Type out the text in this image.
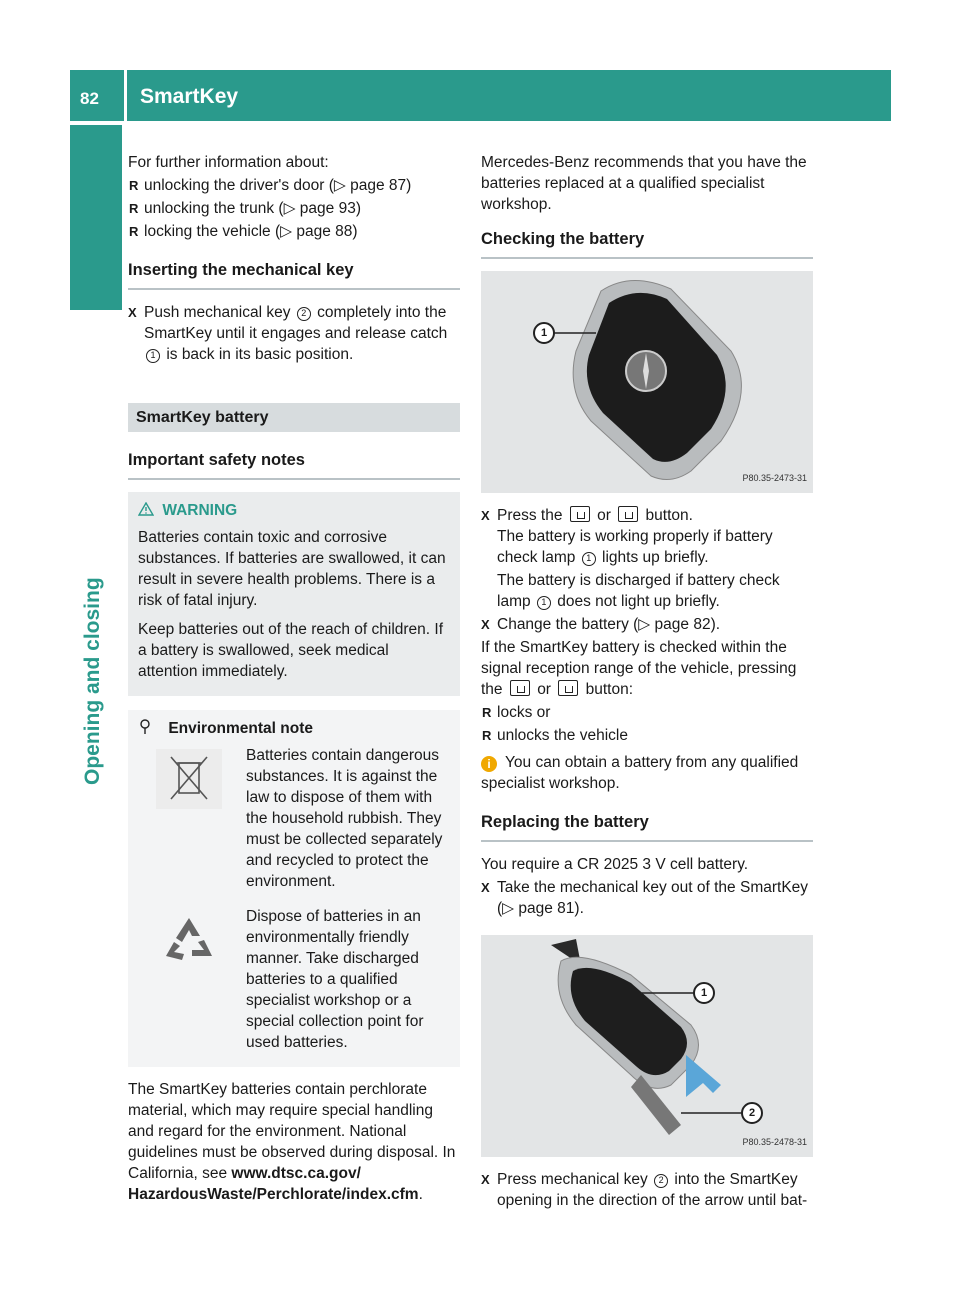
82 SmartKey
Opening and closing

For further information about:

R unlocking the driver's door (▷ page 87)

R unlocking the trunk (▷ page 93)

R locking the vehicle (▷ page 88)

Inserting the mechanical key

X Push mechanical key 2 completely into the SmartKey until it engages and release catch 1 is back in its basic position.

SmartKey battery
Important safety notes
WARNING

Batteries contain toxic and corrosive substances. If batteries are swallowed, it can result in severe health problems. There is a risk of fatal injury.

Keep batteries out of the reach of children. If a battery is swallowed, seek medical attention immediately.

Environmental note

Batteries contain dangerous substances. It is against the law to dispose of them with the household rubbish. They must be collected separately and recycled to protect the environment.

Dispose of batteries in an environmentally friendly manner. Take discharged batteries to a qualified specialist workshop or a special collection point for used batteries.

The SmartKey batteries contain perchlorate material, which may require special handling and regard for the environment. National guidelines must be observed during disposal. In California, see www.dtsc.ca.gov/ HazardousWaste/Perchlorate/index.cfm.

Mercedes-Benz recommends that you have the batteries replaced at a qualified specialist workshop.

Checking the battery
1
P80.35-2473-31

X Press the or button.

The battery is working properly if battery check lamp 1 lights up briefly.

The battery is discharged if battery check lamp 1 does not light up briefly.

X Change the battery (▷ page 82).

If the SmartKey battery is checked within the signal reception range of the vehicle, pressing the or button:

R locks or

R unlocks the vehicle

i You can obtain a battery from any qualified specialist workshop.

Replacing the battery

You require a CR 2025 3 V cell battery.

X Take the mechanical key out of the SmartKey (▷ page 81).

1
2
P80.35-2478-31

X Press mechanical key 2 into the SmartKey opening in the direction of the arrow until bat-
